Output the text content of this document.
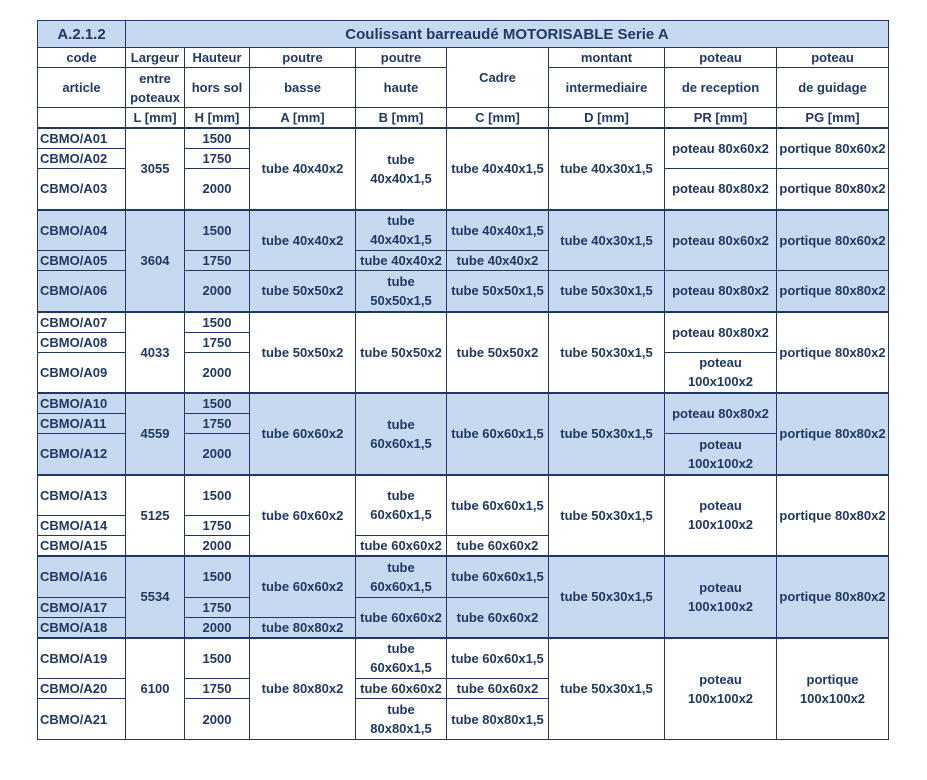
A.2.1.2	Coulissant barreaudé MOTORISABLE Serie A							
code	Largeur	Hauteur	poutre	poutre	Cadre	montant	poteau	poteau
article	entre poteaux	hors sol	basse	haute		intermediaire	de reception	de guidage
	L [mm]	H [mm]	A [mm]	B [mm]	C [mm]	D [mm]	PR [mm]	PG [mm]
CBMO/A01	3055	1500	tube 40x40x2	tube 40x40x1,5	tube 40x40x1,5	tube 40x30x1,5	poteau 80x60x2	portique 80x60x2
CBMO/A02		1750						
CBMO/A03		2000					poteau 80x80x2	portique 80x80x2
CBMO/A04	3604	1500	tube 40x40x2	tube 40x40x1,5	tube 40x40x1,5	tube 40x30x1,5	poteau 80x60x2	portique 80x60x2
CBMO/A05		1750		tube 40x40x2	tube 40x40x2			
CBMO/A06		2000	tube 50x50x2	tube 50x50x1,5	tube 50x50x1,5	tube 50x30x1,5	poteau 80x80x2	portique 80x80x2
CBMO/A07	4033	1500	tube 50x50x2	tube 50x50x2	tube 50x50x2	tube 50x30x1,5	poteau 80x80x2	portique 80x80x2
CBMO/A08		1750						
CBMO/A09		2000					poteau 100x100x2	
CBMO/A10	4559	1500	tube 60x60x2	tube 60x60x1,5	tube 60x60x1,5	tube 50x30x1,5	poteau 80x80x2	portique 80x80x2
CBMO/A11		1750						
CBMO/A12		2000					poteau 100x100x2	
CBMO/A13	5125	1500	tube 60x60x2	tube 60x60x1,5	tube 60x60x1,5	tube 50x30x1,5	poteau 100x100x2	portique 80x80x2
CBMO/A14		1750						
CBMO/A15		2000		tube 60x60x2	tube 60x60x2			
CBMO/A16	5534	1500	tube 60x60x2	tube 60x60x1,5	tube 60x60x1,5	tube 50x30x1,5	poteau 100x100x2	portique 80x80x2
CBMO/A17		1750		tube 60x60x2	tube 60x60x2			
CBMO/A18		2000	tube 80x80x2					
CBMO/A19	6100	1500	tube 80x80x2	tube 60x60x1,5	tube 60x60x1,5	tube 50x30x1,5	poteau 100x100x2	portique 100x100x2
CBMO/A20		1750		tube 60x60x2	tube 60x60x2			
CBMO/A21		2000		tube 80x80x1,5	tube 80x80x1,5			
